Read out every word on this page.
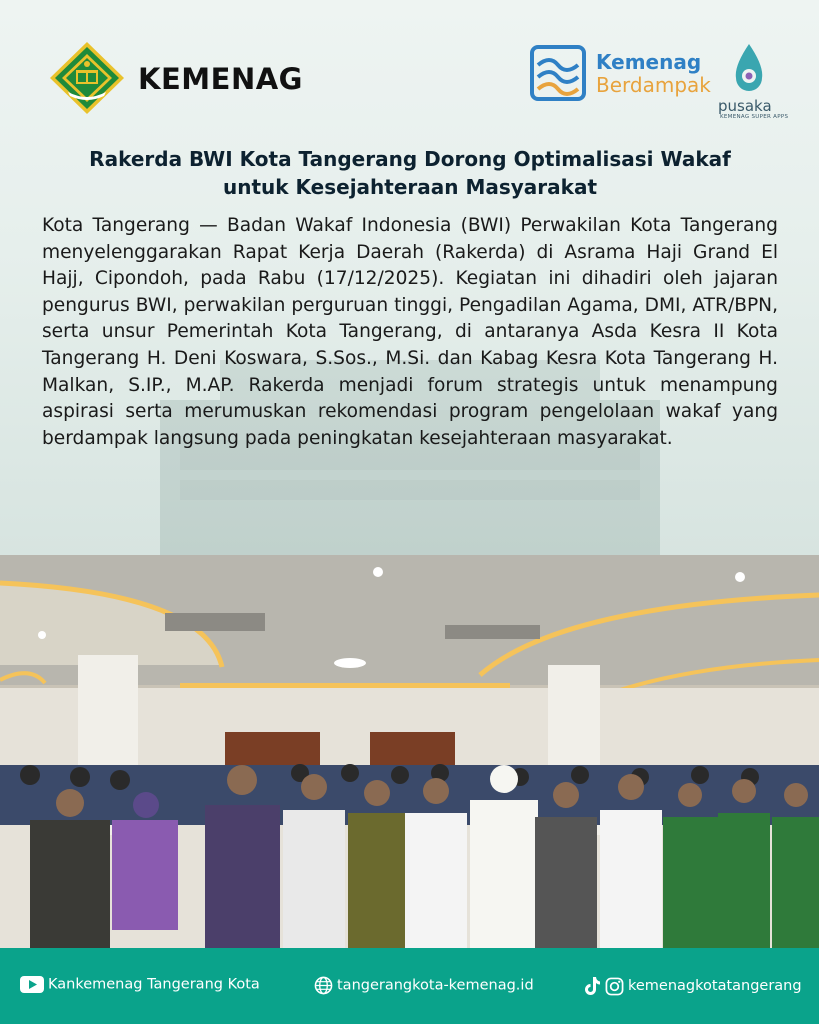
KEMENAG	Kemenag
Berdampak
pusaka
KEMENAG SUPER APPS
Rakerda BWI Kota Tangerang Dorong Optimalisasi Wakaf
untuk Kesejahteraan Masyarakat
Kota Tangerang — Badan Wakaf Indonesia (BWI) Perwakilan Kota Tangerang menyelenggarakan Rapat Kerja Daerah (Rakerda) di Asrama Haji Grand El Hajj, Cipondoh, pada Rabu (17/12/2025). Kegiatan ini dihadiri oleh jajaran pengurus BWI, perwakilan perguruan tinggi, Pengadilan Agama, DMI, ATR/BPN, serta unsur Pemerintah Kota Tangerang, di antaranya Asda Kesra II Kota Tangerang H. Deni Koswara, S.Sos., M.Si. dan Kabag Kesra Kota Tangerang H. Malkan, S.IP., M.AP. Rakerda menjadi forum strategis untuk menampung aspirasi serta merumuskan rekomendasi program pengelolaan wakaf yang berdampak langsung pada peningkatan kesejahteraan masyarakat.
Kankemenag Tangerang Kota	tangerangkota-kemenag.id	kemenagkotatangerang
